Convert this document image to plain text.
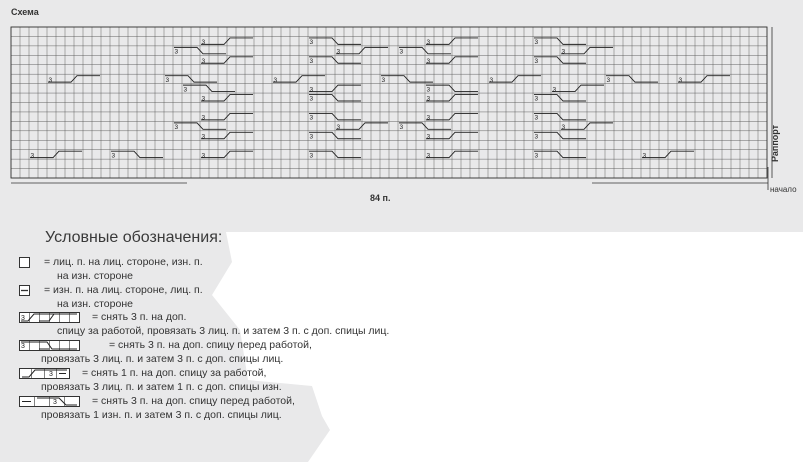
Схема
3	3	3	3
3	3	3	3
3	3	3	3
3	3	3	3	3	3	3
3	3	3	3
3	3	3	3
3	3	3	3
3	3	3	3
3	3	3	3
3	3	3	3	3	3	3	Раппорт
84 п.
начало
Условные обозначения:
= лиц. п. на лиц. стороне, изн. п.
на изн. стороне
= изн. п. на лиц. стороне, лиц. п.
на изн. стороне
3	= снять 3 п. на доп.
спицу за работой, провязать 3 лиц. п. и затем 3 п. с доп. спицы лиц.
3	= снять 3 п. на доп. спицу перед работой,
провязать 3 лиц. п. и затем 3 п. с доп. спицы лиц.
3	= снять 1 п. на доп. спицу за работой,
провязать 3 лиц. п. и затем 1 п. с доп. спицы изн.
3	= снять 3 п. на доп. спицу перед работой,
провязать 1 изн. п. и затем 3 п. с доп. спицы лиц.
